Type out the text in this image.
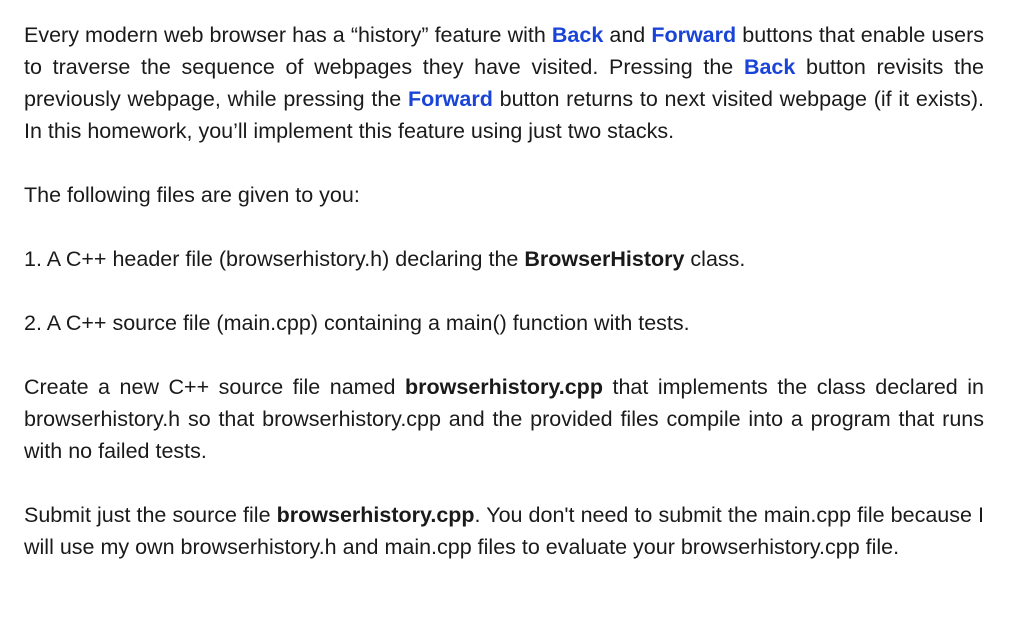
Every modern web browser has a “history” feature with Back and Forward buttons that enable users to traverse the sequence of webpages they have visited. Pressing the Back button revisits the previously webpage, while pressing the Forward button returns to next visited webpage (if it exists). In this homework, you’ll implement this feature using just two stacks.

The following files are given to you:

1. A C++ header file (browserhistory.h) declaring the BrowserHistory class.

2. A C++ source file (main.cpp) containing a main() function with tests.

Create a new C++ source file named browserhistory.cpp that implements the class declared in browserhistory.h so that browserhistory.cpp and the provided files compile into a program that runs with no failed tests.

Submit just the source file browserhistory.cpp. You don't need to submit the main.cpp file because I will use my own browserhistory.h and main.cpp files to evaluate your browserhistory.cpp file.
